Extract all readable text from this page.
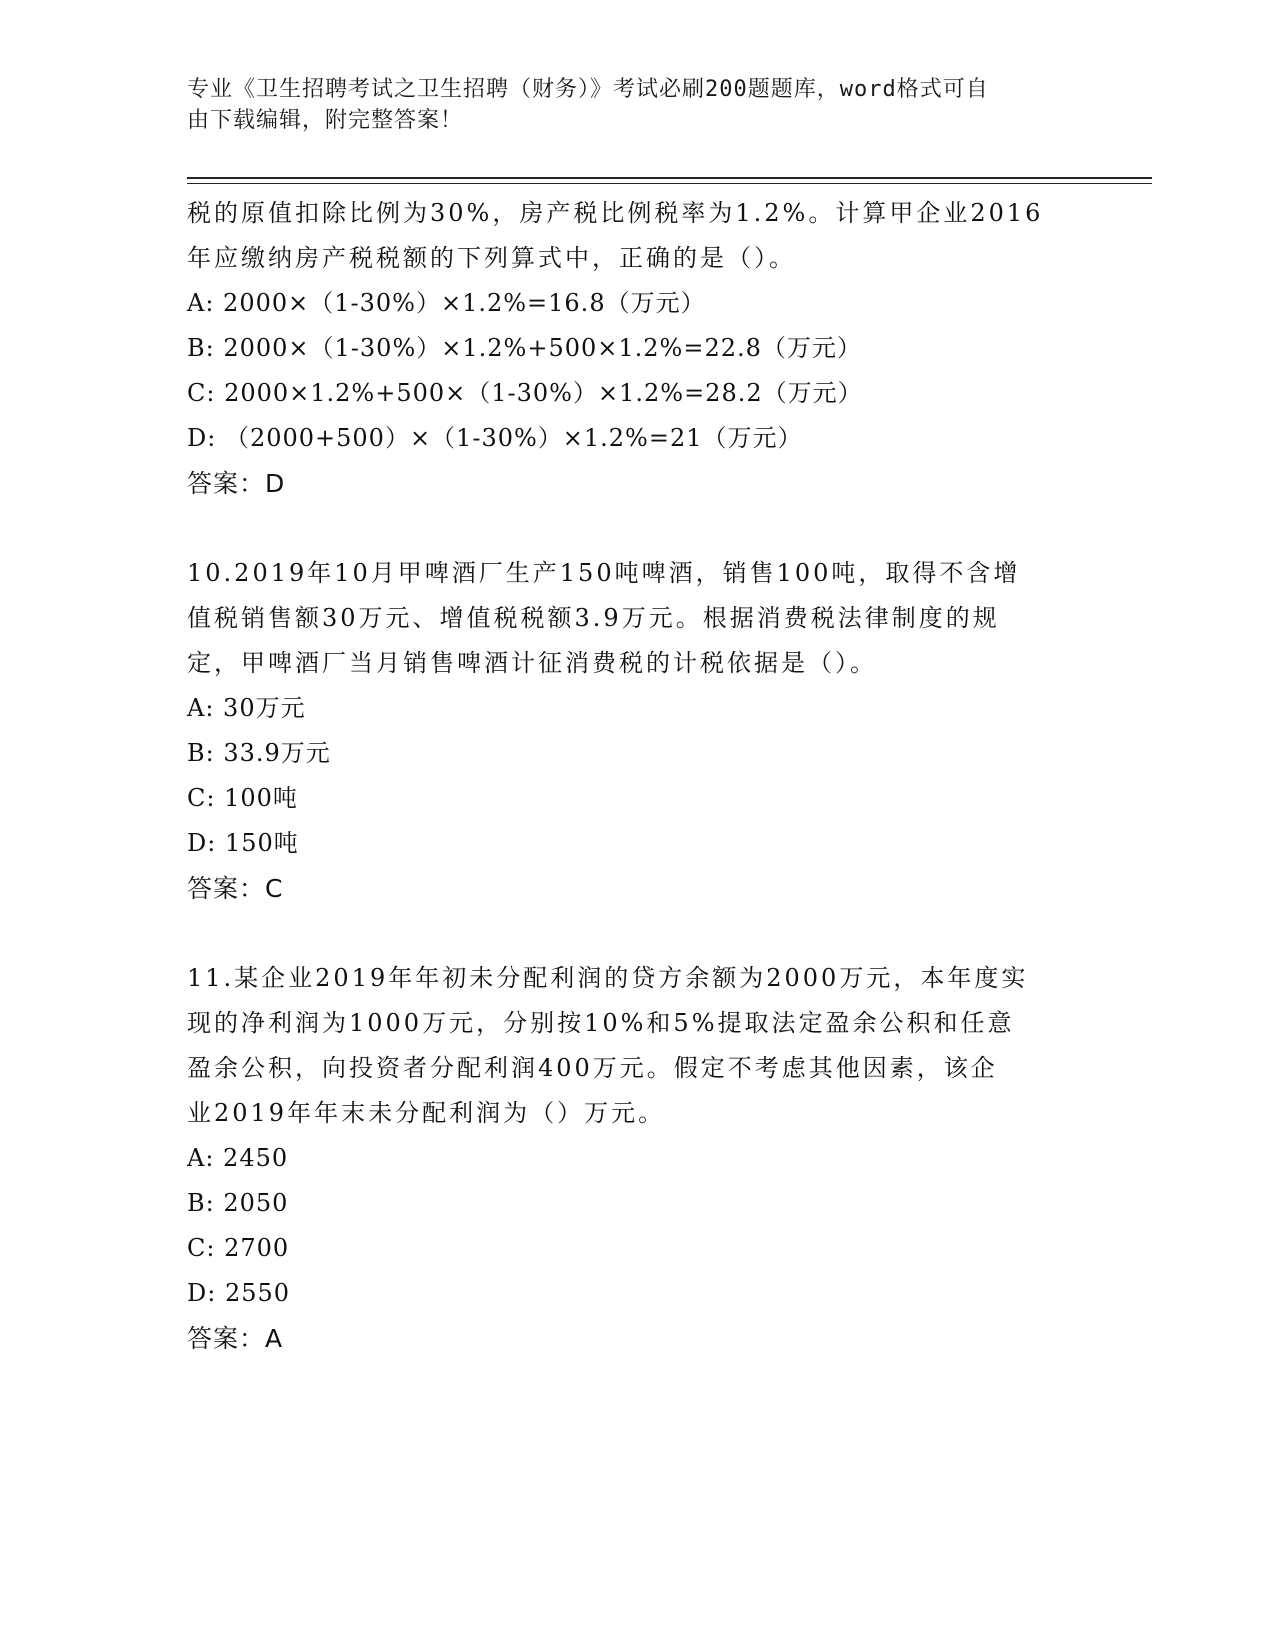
专业《卫生招聘考试之卫生招聘（财务）》考试必刷200题题库，word格式可自
由下载编辑，附完整答案！

税的原值扣除比例为30%，房产税比例税率为1.2%。计算甲企业2016

年应缴纳房产税税额的下列算式中，正确的是（）。

A: 2000×（1-30%）×1.2%=16.8（万元）

B: 2000×（1-30%）×1.2%+500×1.2%=22.8（万元）

C: 2000×1.2%+500×（1-30%）×1.2%=28.2（万元）

D: （2000+500）×（1-30%）×1.2%=21（万元）

答案：D

10.2019年10月甲啤酒厂生产150吨啤酒，销售100吨，取得不含增

值税销售额30万元、增值税税额3.9万元。根据消费税法律制度的规

定，甲啤酒厂当月销售啤酒计征消费税的计税依据是（）。

A: 30万元

B: 33.9万元

C: 100吨

D: 150吨

答案：C

11.某企业2019年年初未分配利润的贷方余额为2000万元，本年度实

现的净利润为1000万元，分别按10%和5%提取法定盈余公积和任意

盈余公积，向投资者分配利润400万元。假定不考虑其他因素，该企

业2019年年末未分配利润为（）万元。

A: 2450

B: 2050

C: 2700

D: 2550

答案：A
